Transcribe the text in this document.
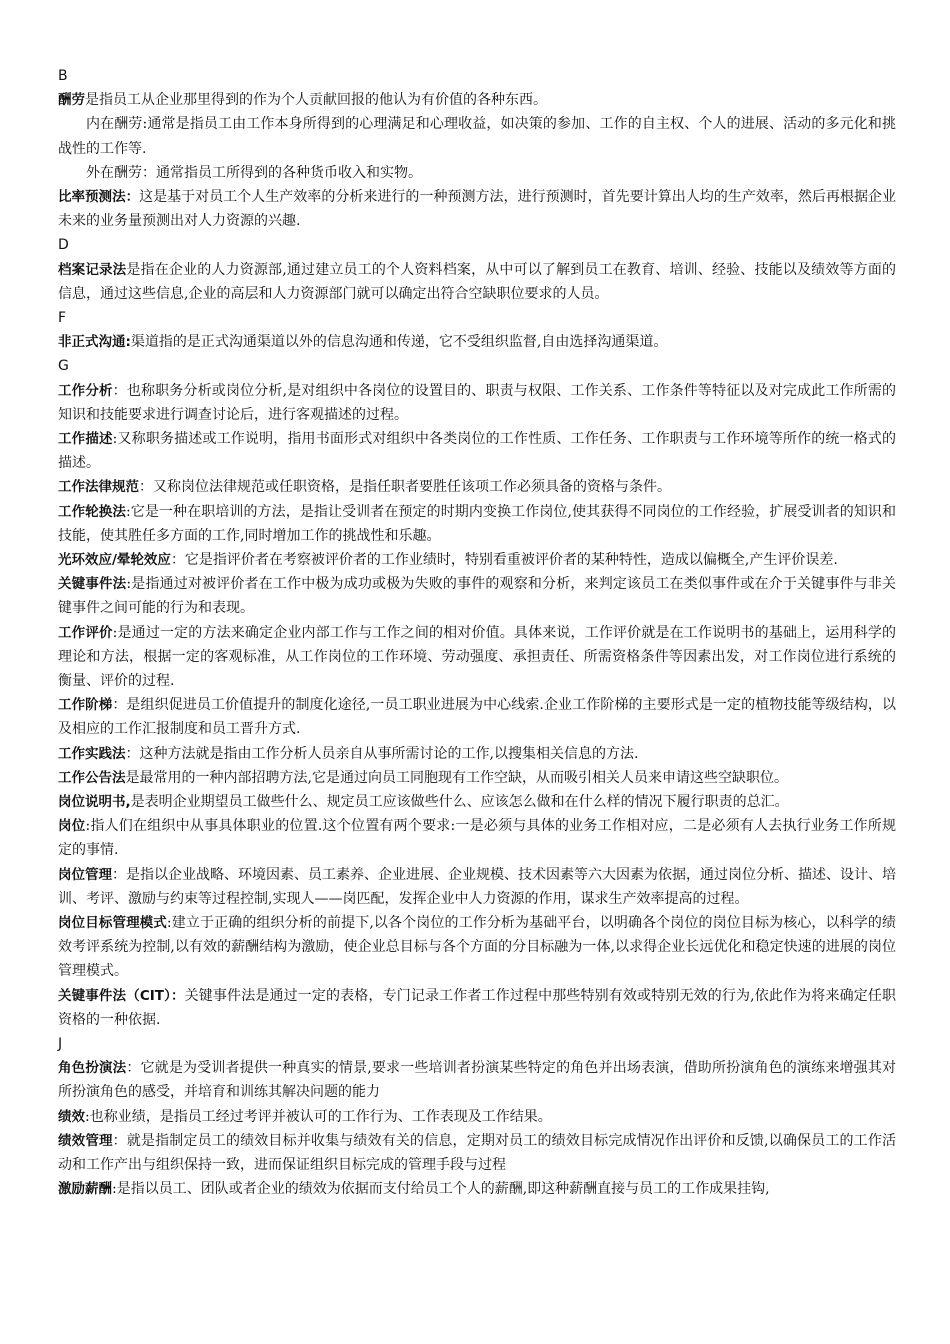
B

酬劳是指员工从企业那里得到的作为个人贡献回报的他认为有价值的各种东西。

内在酬劳:通常是指员工由工作本身所得到的心理满足和心理收益，如决策的参加、工作的自主权、个人的进展、活动的多元化和挑战性的工作等.

外在酬劳：通常指员工所得到的各种货币收入和实物。

比率预测法：这是基于对员工个人生产效率的分析来进行的一种预测方法，进行预测时，首先要计算出人均的生产效率，然后再根据企业未来的业务量预测出对人力资源的兴趣.

D

档案记录法是指在企业的人力资源部,通过建立员工的个人资料档案，从中可以了解到员工在教育、培训、经验、技能以及绩效等方面的信息，通过这些信息,企业的高层和人力资源部门就可以确定出符合空缺职位要求的人员。

F

非正式沟通:渠道指的是正式沟通渠道以外的信息沟通和传递，它不受组织监督,自由选择沟通渠道。

G

工作分析：也称职务分析或岗位分析,是对组织中各岗位的设置目的、职责与权限、工作关系、工作条件等特征以及对完成此工作所需的知识和技能要求进行调查讨论后，进行客观描述的过程。

工作描述:又称职务描述或工作说明，指用书面形式对组织中各类岗位的工作性质、工作任务、工作职责与工作环境等所作的统一格式的描述。

工作法律规范：又称岗位法律规范或任职资格，是指任职者要胜任该项工作必须具备的资格与条件。

工作轮换法:它是一种在职培训的方法，是指让受训者在预定的时期内变换工作岗位,使其获得不同岗位的工作经验，扩展受训者的知识和技能，使其胜任多方面的工作,同时增加工作的挑战性和乐趣。

光环效应/晕轮效应：它是指评价者在考察被评价者的工作业绩时，特别看重被评价者的某种特性，造成以偏概全,产生评价误差.

关键事件法:是指通过对被评价者在工作中极为成功或极为失败的事件的观察和分析，来判定该员工在类似事件或在介于关键事件与非关键事件之间可能的行为和表现。

工作评价:是通过一定的方法来确定企业内部工作与工作之间的相对价值。具体来说，工作评价就是在工作说明书的基础上，运用科学的理论和方法，根据一定的客观标准，从工作岗位的工作环境、劳动强度、承担责任、所需资格条件等因素出发，对工作岗位进行系统的衡量、评价的过程.

工作阶梯：是组织促进员工价值提升的制度化途径,一员工职业进展为中心线索.企业工作阶梯的主要形式是一定的植物技能等级结构，以及相应的工作汇报制度和员工晋升方式.

工作实践法：这种方法就是指由工作分析人员亲自从事所需讨论的工作,以搜集相关信息的方法.

工作公告法是最常用的一种内部招聘方法,它是通过向员工同胞现有工作空缺，从而吸引相关人员来申请这些空缺职位。

岗位说明书,是表明企业期望员工做些什么、规定员工应该做些什么、应该怎么做和在什么样的情况下履行职责的总汇。

岗位:指人们在组织中从事具体职业的位置.这个位置有两个要求:一是必须与具体的业务工作相对应，二是必须有人去执行业务工作所规定的事情.

岗位管理：是指以企业战略、环境因素、员工素养、企业进展、企业规模、技术因素等六大因素为依据，通过岗位分析、描述、设计、培训、考评、激励与约束等过程控制,实现人——岗匹配，发挥企业中人力资源的作用，谋求生产效率提高的过程。

岗位目标管理模式:建立于正确的组织分析的前提下,以各个岗位的工作分析为基础平台，以明确各个岗位的岗位目标为核心，以科学的绩效考评系统为控制,以有效的薪酬结构为激励，使企业总目标与各个方面的分目标融为一体,以求得企业长远优化和稳定快速的进展的岗位管理模式。

关键事件法（CIT）：关键事件法是通过一定的表格，专门记录工作者工作过程中那些特别有效或特别无效的行为,依此作为将来确定任职资格的一种依据.

J

角色扮演法：它就是为受训者提供一种真实的情景,要求一些培训者扮演某些特定的角色并出场表演，借助所扮演角色的演练来增强其对所扮演角色的感受，并培育和训练其解决问题的能力

绩效:也称业绩，是指员工经过考评并被认可的工作行为、工作表现及工作结果。

绩效管理：就是指制定员工的绩效目标并收集与绩效有关的信息，定期对员工的绩效目标完成情况作出评价和反馈,以确保员工的工作活动和工作产出与组织保持一致，进而保证组织目标完成的管理手段与过程

激励薪酬:是指以员工、团队或者企业的绩效为依据而支付给员工个人的薪酬,即这种薪酬直接与员工的工作成果挂钩,
